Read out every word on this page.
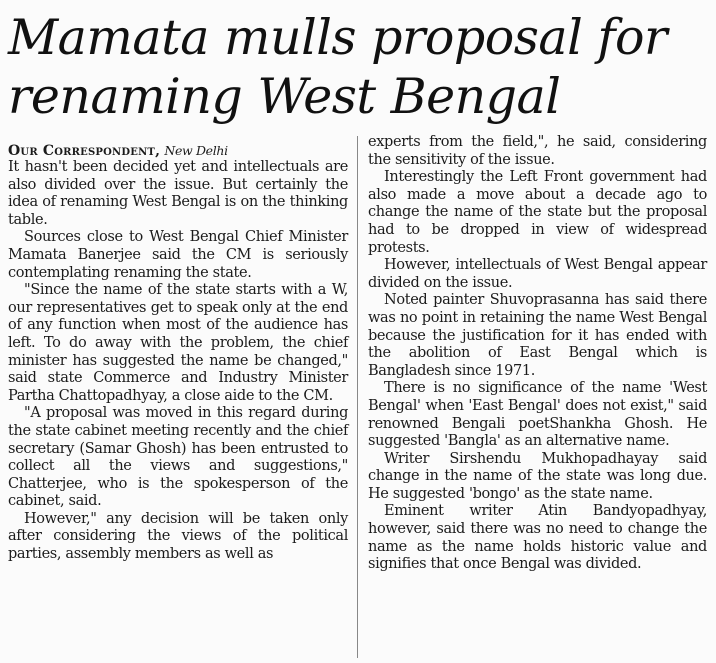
Mamata mulls proposal for renaming West Bengal

Our Correspondent, New Delhi

It hasn't been decided yet and intellectuals are also divided over the issue. But certainly the idea of renaming West Bengal is on the thinking table.

Sources close to West Bengal Chief Minister Mamata Banerjee said the CM is seriously contemplating renaming the state.

"Since the name of the state starts with a W, our representatives get to speak only at the end of any function when most of the audience has left. To do away with the problem, the chief minister has suggested the name be changed," said state Commerce and Industry Minister Partha Chattopadhyay, a close aide to the CM.

"A proposal was moved in this regard during the state cabinet meeting recently and the chief secretary (Samar Ghosh) has been entrusted to collect all the views and suggestions," Chatterjee, who is the spokesperson of the cabinet, said.

However," any decision will be taken only after considering the views of the political parties, assembly members as well as

experts from the field,", he said, considering the sensitivity of the issue.

Interestingly the Left Front government had also made a move about a decade ago to change the name of the state but the proposal had to be dropped in view of widespread protests.

However, intellectuals of West Bengal appear divided on the issue.

Noted painter Shuvoprasanna has said there was no point in retaining the name West Bengal because the justification for it has ended with the abolition of East Bengal which is Bangladesh since 1971.

There is no significance of the name 'West Bengal' when 'East Bengal' does not exist," said renowned Bengali poetShankha Ghosh. He suggested 'Bangla' as an alternative name.

Writer Sirshendu Mukhopadhayay said change in the name of the state was long due. He suggested 'bongo' as the state name.

Eminent writer Atin Bandyopadhyay, however, said there was no need to change the name as the name holds historic value and signifies that once Bengal was divided.
